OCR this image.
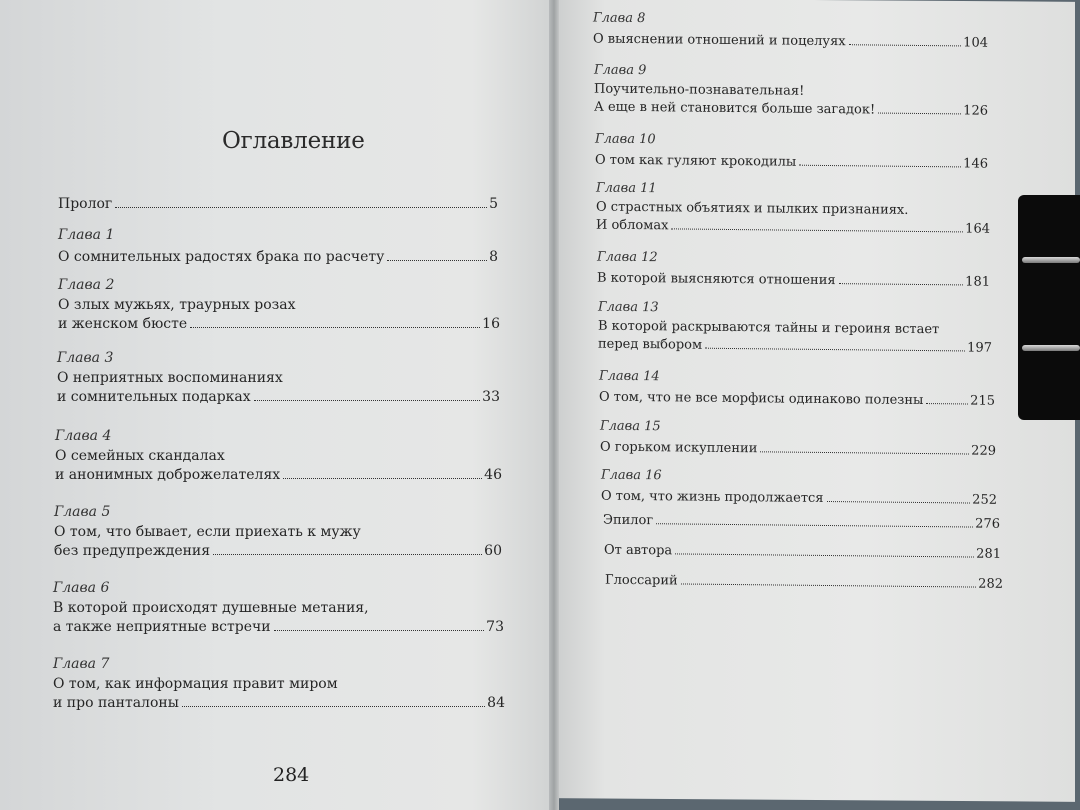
Оглавление
Пролог	5
Глава 1
О сомнительных радостях брака по расчету	8
Глава 2
О злых мужьях, траурных розах
и женском бюсте	16
Глава 3
О неприятных воспоминаниях
и сомнительных подарках	33
Глава 4
О семейных скандалах
и анонимных доброжелателях	46
Глава 5
О том, что бывает, если приехать к мужу
без предупреждения	60
Глава 6
В которой происходят душевные метания,
а также неприятные встречи	73
Глава 7
О том, как информация правит миром
и про панталоны	84
284
Глава 8
О выяснении отношений и поцелуях	104
Глава 9
Поучительно-познавательная!
А еще в ней становится больше загадок!	126
Глава 10
О том как гуляют крокодилы	146
Глава 11
О страстных объятиях и пылких признаниях.
И обломах	164
Глава 12
В которой выясняются отношения	181
Глава 13
В которой раскрываются тайны и героиня встает
перед выбором	197
Глава 14
О том, что не все морфисы одинаково полезны	215
Глава 15
О горьком искуплении	229
Глава 16
О том, что жизнь продолжается	252
Эпилог	276
От автора	281
Глоссарий	282
